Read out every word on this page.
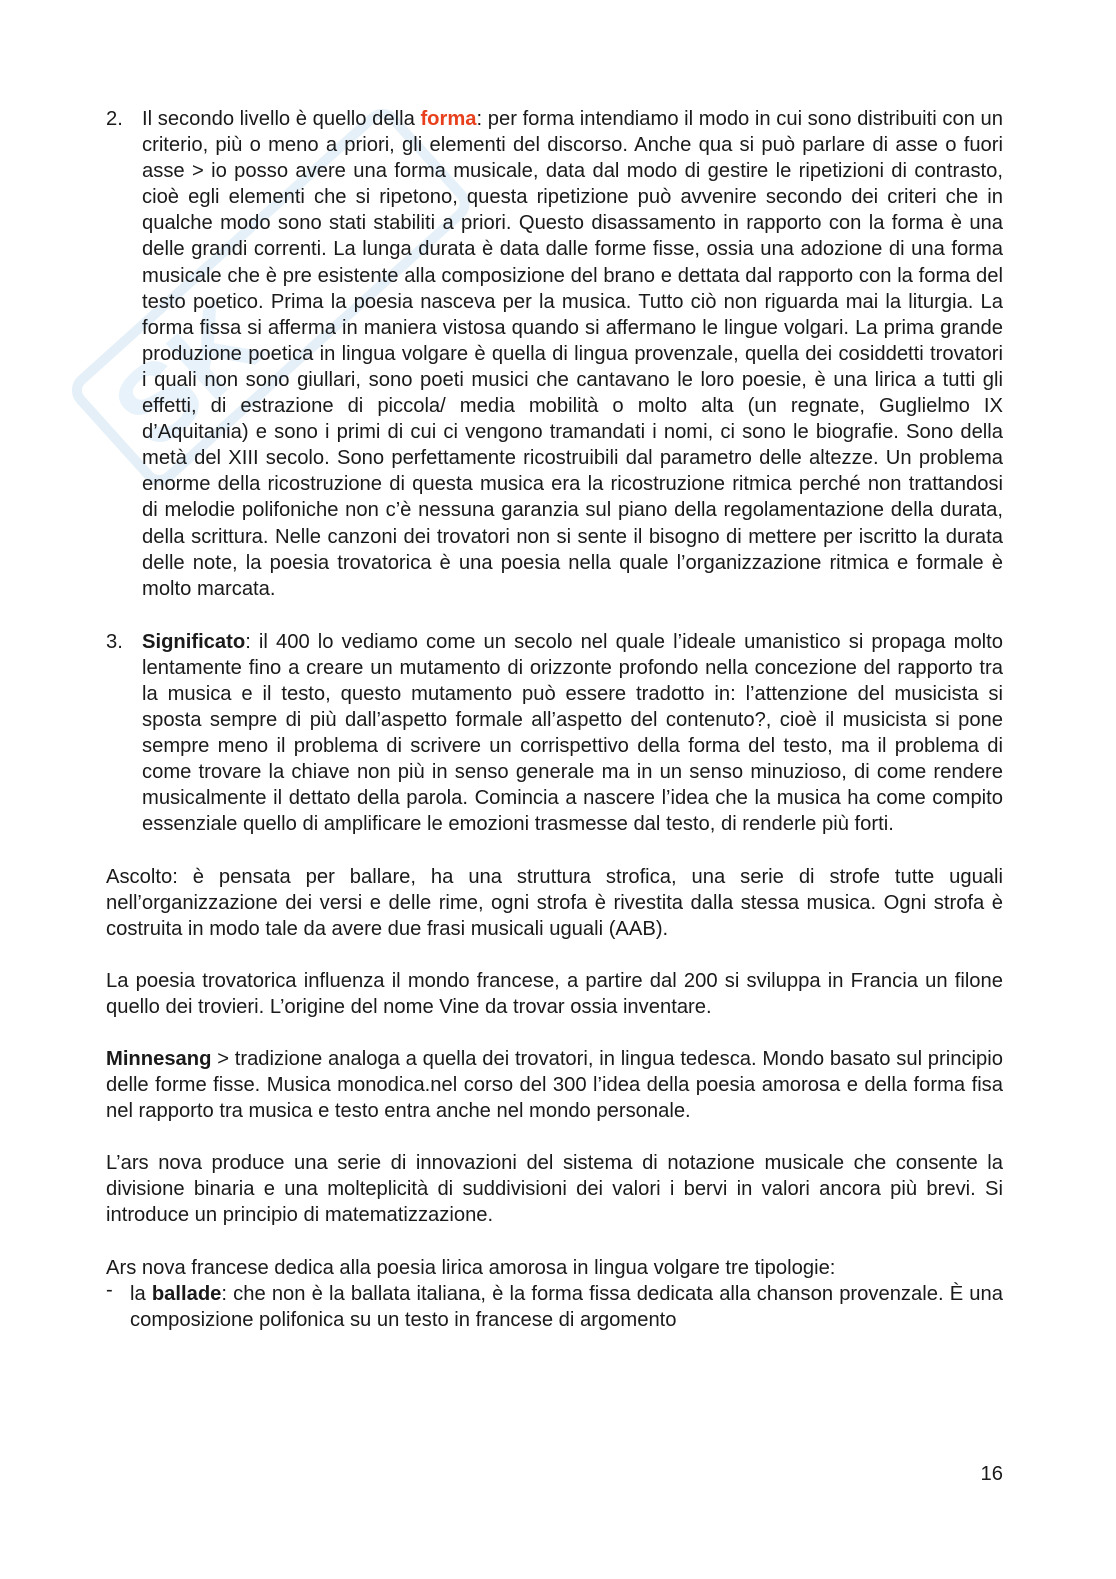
SK
2. Il secondo livello è quello della forma: per forma intendiamo il modo in cui sono distribuiti con un criterio, più o meno a priori, gli elementi del discorso. Anche qua si può parlare di asse o fuori asse > io posso avere una forma musicale, data dal modo di gestire le ripetizioni di contrasto, cioè egli elementi che si ripetono, questa ripetizione può avvenire secondo dei criteri che in qualche modo sono stati stabiliti a priori. Questo disassamento in rapporto con la forma è una delle grandi correnti. La lunga durata è data dalle forme fisse, ossia una adozione di una forma musicale che è pre esistente alla composizione del brano e dettata dal rapporto con la forma del testo poetico. Prima la poesia nasceva per la musica. Tutto ciò non riguarda mai la liturgia. La forma fissa si afferma in maniera vistosa quando si affermano le lingue volgari. La prima grande produzione poetica in lingua volgare è quella di lingua provenzale, quella dei cosiddetti trovatori i quali non sono giullari, sono poeti musici che cantavano le loro poesie, è una lirica a tutti gli effetti, di estrazione di piccola/ media mobilità o molto alta (un regnate, Guglielmo IX d’Aquitania) e sono i primi di cui ci vengono tramandati i nomi, ci sono le biografie. Sono della metà del XIII secolo. Sono perfettamente ricostruibili dal parametro delle altezze. Un problema enorme della ricostruzione di questa musica era la ricostruzione ritmica perché non trattandosi di melodie polifoniche non c’è nessuna garanzia sul piano della regolamentazione della durata, della scrittura. Nelle canzoni dei trovatori non si sente il bisogno di mettere per iscritto la durata delle note, la poesia trovatorica è una poesia nella quale l’organizzazione ritmica e formale è molto marcata.

3. Significato: il 400 lo vediamo come un secolo nel quale l’ideale umanistico si propaga molto lentamente fino a creare un mutamento di orizzonte profondo nella concezione del rapporto tra la musica e il testo, questo mutamento può essere tradotto in: l’attenzione del musicista si sposta sempre di più dall’aspetto formale all’aspetto del contenuto?, cioè il musicista si pone sempre meno il problema di scrivere un corrispettivo della forma del testo, ma il problema di come trovare la chiave non più in senso generale ma in un senso minuzioso, di come rendere musicalmente il dettato della parola. Comincia a nascere l’idea che la musica ha come compito essenziale quello di amplificare le emozioni trasmesse dal testo, di renderle più forti.

Ascolto: è pensata per ballare, ha una struttura strofica, una serie di strofe tutte uguali nell’organizzazione dei versi e delle rime, ogni strofa è rivestita dalla stessa musica. Ogni strofa è costruita in modo tale da avere due frasi musicali uguali (AAB).

La poesia trovatorica influenza il mondo francese, a partire dal 200 si sviluppa in Francia un filone quello dei trovieri. L’origine del nome Vine da trovar ossia inventare.

Minnesang > tradizione analoga a quella dei trovatori, in lingua tedesca. Mondo basato sul principio delle forme fisse. Musica monodica.nel corso del 300 l’idea della poesia amorosa e della forma fisa nel rapporto tra musica e testo entra anche nel mondo personale.

L’ars nova produce una serie di innovazioni del sistema di notazione musicale che consente la divisione binaria e una molteplicità di suddivisioni dei valori i bervi in valori ancora più brevi. Si introduce un principio di matematizzazione.

Ars nova francese dedica alla poesia lirica amorosa in lingua volgare tre tipologie:

- la ballade: che non è la ballata italiana, è la forma fissa dedicata alla chanson provenzale. È una composizione polifonica su un testo in francese di argomento

16
